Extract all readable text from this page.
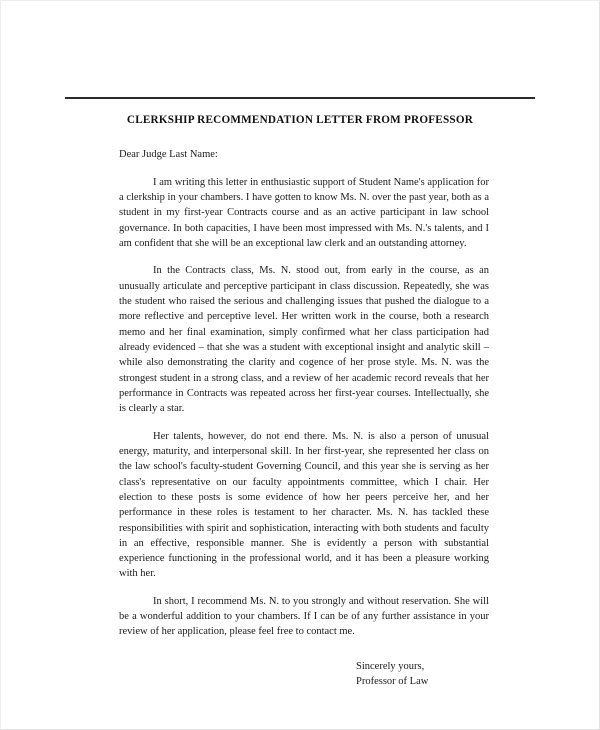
CLERKSHIP RECOMMENDATION LETTER FROM PROFESSOR

Dear Judge Last Name:

I am writing this letter in enthusiastic support of Student Name's application for a clerkship in your chambers. I have gotten to know Ms. N. over the past year, both as a student in my first-year Contracts course and as an active participant in law school governance. In both capacities, I have been most impressed with Ms. N.'s talents, and I am confident that she will be an exceptional law clerk and an outstanding attorney.

In the Contracts class, Ms. N. stood out, from early in the course, as an unusually articulate and perceptive participant in class discussion. Repeatedly, she was the student who raised the serious and challenging issues that pushed the dialogue to a more reflective and perceptive level. Her written work in the course, both a research memo and her final examination, simply confirmed what her class participation had already evidenced – that she was a student with exceptional insight and analytic skill – while also demonstrating the clarity and cogence of her prose style. Ms. N. was the strongest student in a strong class, and a review of her academic record reveals that her performance in Contracts was repeated across her first-year courses. Intellectually, she is clearly a star.

Her talents, however, do not end there. Ms. N. is also a person of unusual energy, maturity, and interpersonal skill. In her first-year, she represented her class on the law school's faculty-student Governing Council, and this year she is serving as her class's representative on our faculty appointments committee, which I chair. Her election to these posts is some evidence of how her peers perceive her, and her performance in these roles is testament to her character. Ms. N. has tackled these responsibilities with spirit and sophistication, interacting with both students and faculty in an effective, responsible manner. She is evidently a person with substantial experience functioning in the professional world, and it has been a pleasure working with her.

In short, I recommend Ms. N. to you strongly and without reservation. She will be a wonderful addition to your chambers. If I can be of any further assistance in your review of her application, please feel free to contact me.

Sincerely yours,
Professor of Law
